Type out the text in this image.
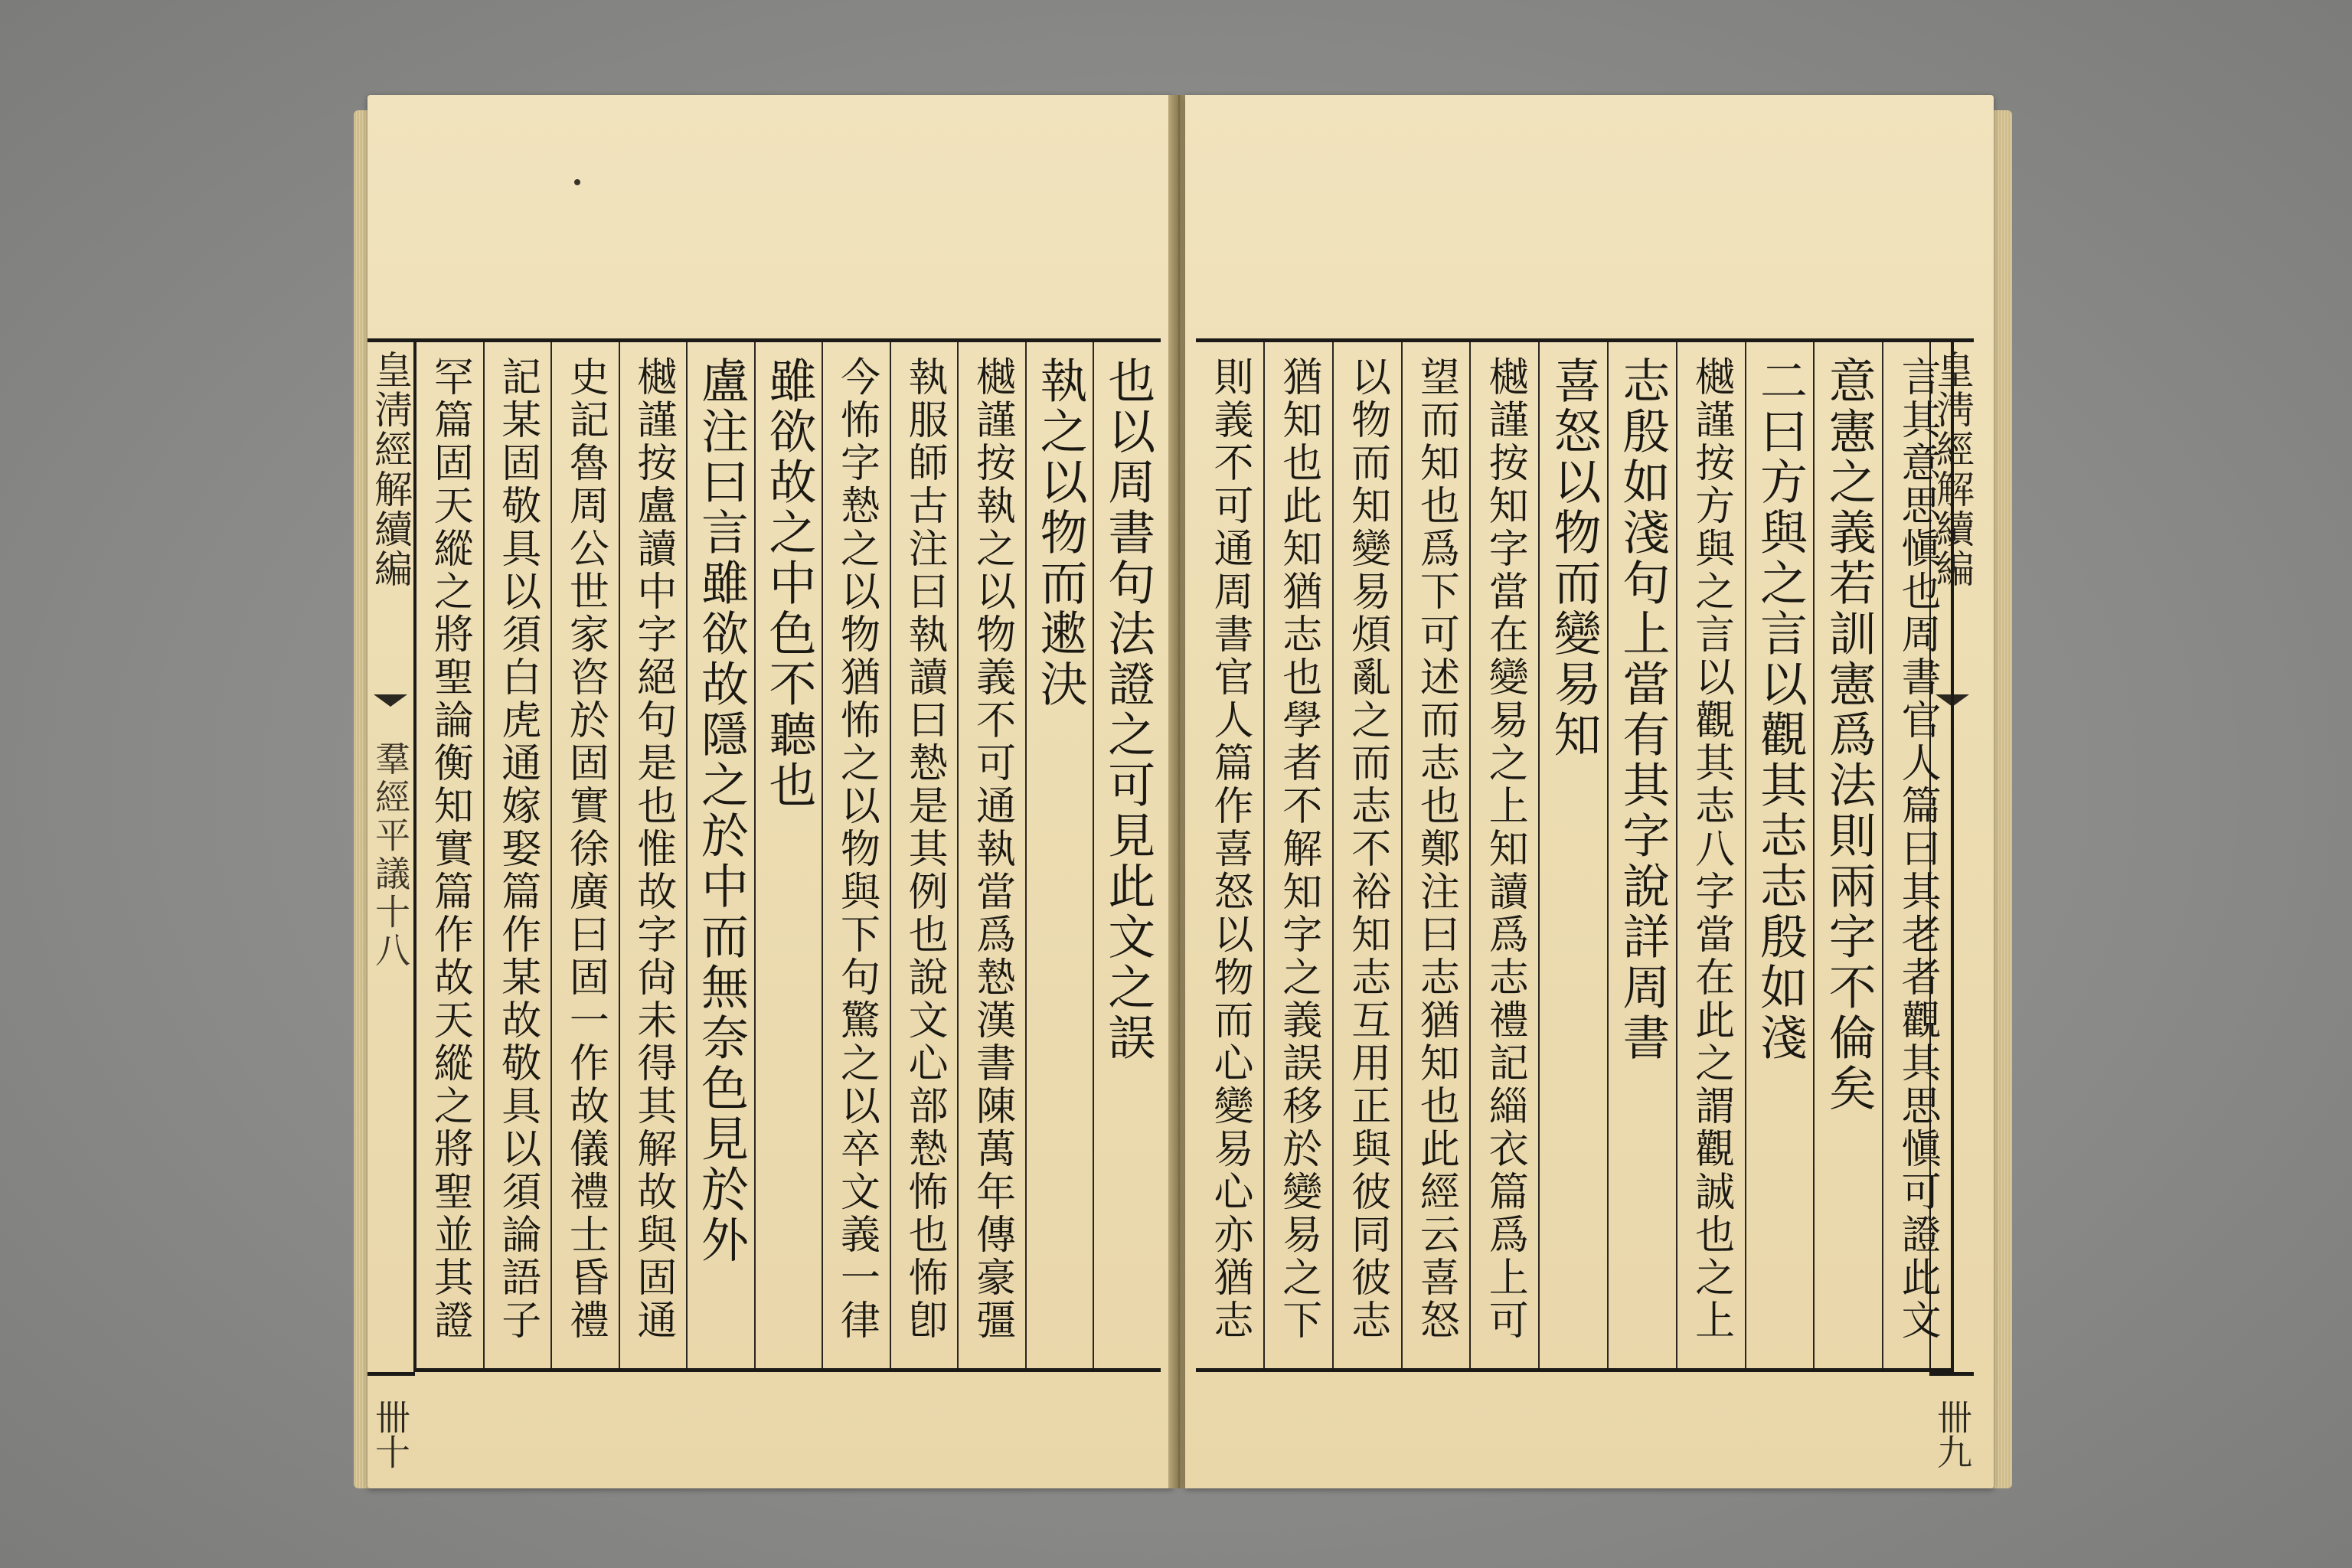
皇淸經解續編
羣經平議十八
卌十
也以周書句法證之可見此文之誤
執之以物而遬決
樾謹按執之以物義不可通執當爲慹漢書陳萬年傳豪彊
執服師古注曰執讀曰慹是其例也說文心部慹怖也怖卽
今怖字慹之以物猶怖之以物與下句驚之以卒文義一律
雖欲故之中色不聽也
盧注曰言雖欲故隱之於中而無奈色見於外
樾謹按盧讀中字絕句是也惟故字尙未得其解故與固通
史記魯周公世家咨於固實徐廣曰固一作故儀禮士昏禮
記某固敬具以須白虎通嫁娶篇作某故敬具以須論語子
罕篇固天縱之將聖論衡知實篇作故天縱之將聖並其證	皇淸經解續編
卌九
言其意思愼也周書官人篇曰其老者觀其思愼可證此文
意憲之義若訓憲爲法則兩字不倫矣
二曰方與之言以觀其志志殷如淺
樾謹按方與之言以觀其志八字當在此之謂觀誠也之上
志殷如淺句上當有其字說詳周書
喜怒以物而變易知
樾謹按知字當在變易之上知讀爲志禮記緇衣篇爲上可
望而知也爲下可述而志也鄭注曰志猶知也此經云喜怒
以物而知變易煩亂之而志不裕知志互用正與彼同彼志
猶知也此知猶志也學者不解知字之義誤移於變易之下
則義不可通周書官人篇作喜怒以物而心變易心亦猶志
